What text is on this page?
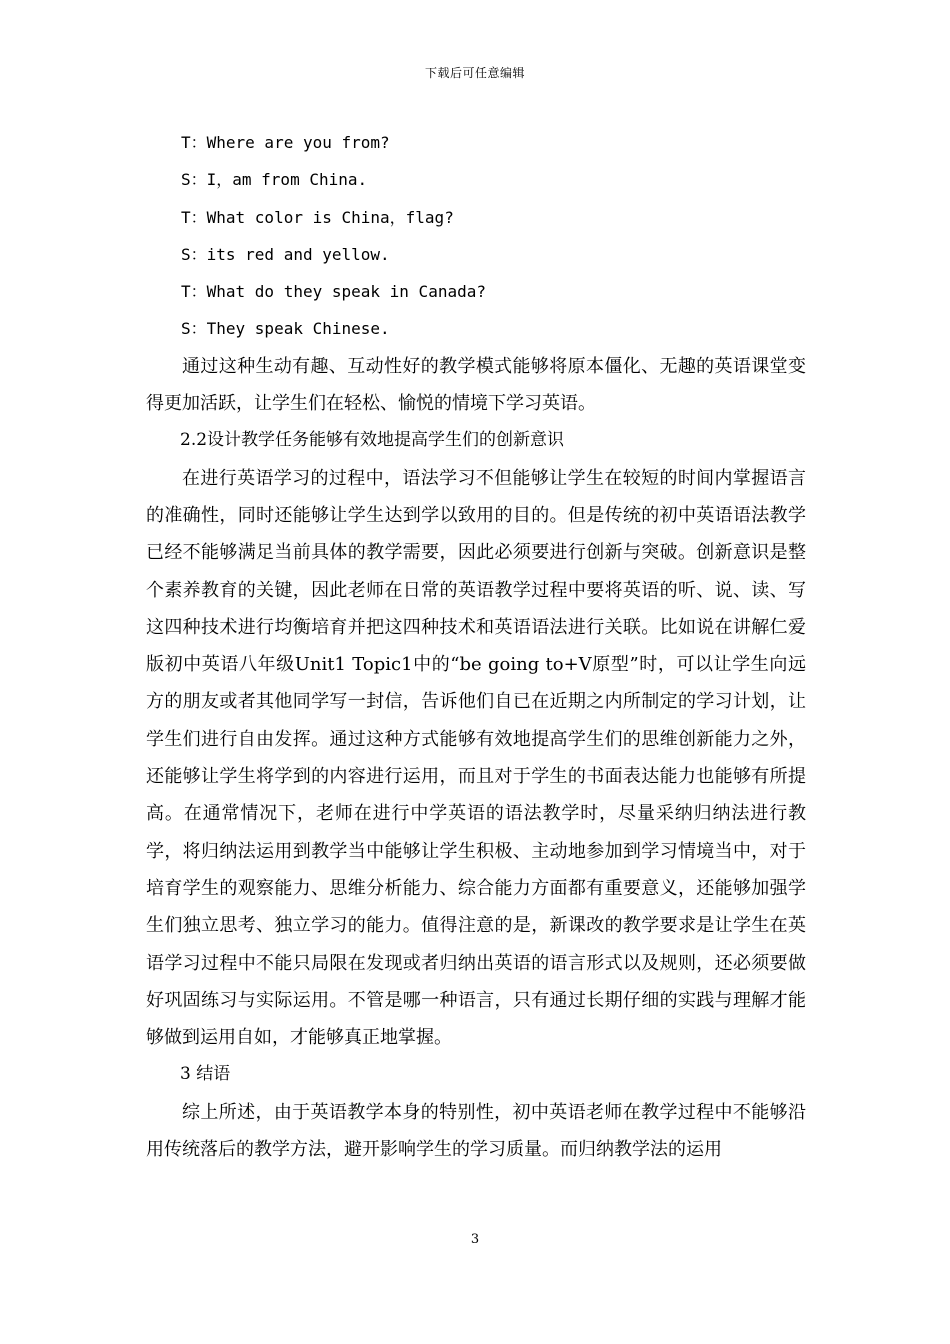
下载后可任意编辑
T：Where are you from?
S：I，am from China.
T：What color is China，flag?
S：its red and yellow.
T：What do they speak in Canada?
S：They speak Chinese.

通过这种生动有趣、互动性好的教学模式能够将原本僵化、无趣的英语课堂变得更加活跃，让学生们在轻松、愉悦的情境下学习英语。

2.2设计教学任务能够有效地提高学生们的创新意识

在进行英语学习的过程中，语法学习不但能够让学生在较短的时间内掌握语言的准确性，同时还能够让学生达到学以致用的目的。但是传统的初中英语语法教学已经不能够满足当前具体的教学需要，因此必须要进行创新与突破。创新意识是整个素养教育的关键，因此老师在日常的英语教学过程中要将英语的听、说、读、写这四种技术进行均衡培育并把这四种技术和英语语法进行关联。比如说在讲解仁爱版初中英语八年级Unit1 Topic1中的“be going to+V原型”时，可以让学生向远方的朋友或者其他同学写一封信，告诉他们自已在近期之内所制定的学习计划，让学生们进行自由发挥。通过这种方式能够有效地提高学生们的思维创新能力之外，还能够让学生将学到的内容进行运用，而且对于学生的书面表达能力也能够有所提高。在通常情况下，老师在进行中学英语的语法教学时，尽量采纳归纳法进行教学，将归纳法运用到教学当中能够让学生积极、主动地参加到学习情境当中，对于培育学生的观察能力、思维分析能力、综合能力方面都有重要意义，还能够加强学生们独立思考、独立学习的能力。值得注意的是，新课改的教学要求是让学生在英语学习过程中不能只局限在发现或者归纳出英语的语言形式以及规则，还必须要做好巩固练习与实际运用。不管是哪一种语言，只有通过长期仔细的实践与理解才能够做到运用自如，才能够真正地掌握。

3 结语

综上所述，由于英语教学本身的特别性，初中英语老师在教学过程中不能够沿用传统落后的教学方法，避开影响学生的学习质量。而归纳教学法的运用

3
